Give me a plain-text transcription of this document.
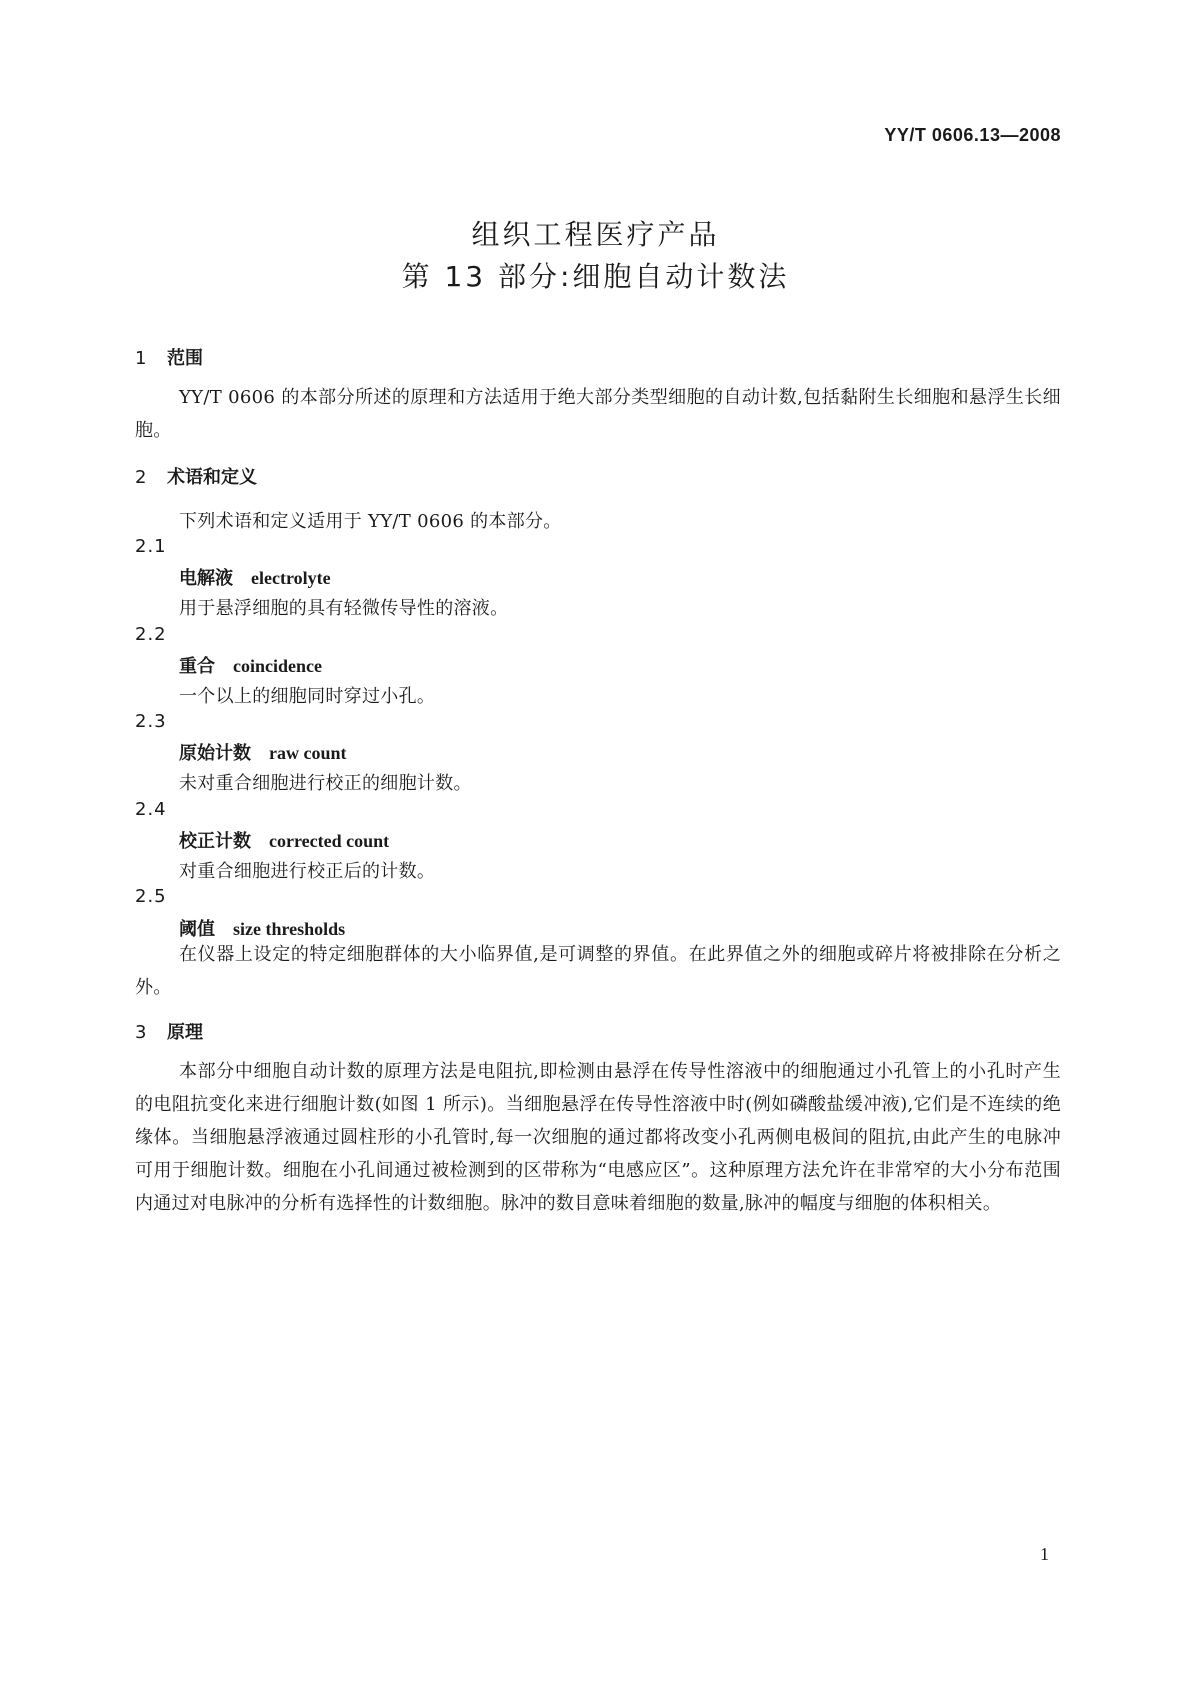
YY/T 0606.13—2008
组织工程医疗产品
第 13 部分:细胞自动计数法
1 范围
YY/T 0606 的本部分所述的原理和方法适用于绝大部分类型细胞的自动计数,包括黏附生长细胞和悬浮生长细胞。
2 术语和定义
下列术语和定义适用于 YY/T 0606 的本部分。
2.1
电解液 electrolyte
用于悬浮细胞的具有轻微传导性的溶液。
2.2
重合 coincidence
一个以上的细胞同时穿过小孔。
2.3
原始计数 raw count
未对重合细胞进行校正的细胞计数。
2.4
校正计数 corrected count
对重合细胞进行校正后的计数。
2.5
阈值 size thresholds
在仪器上设定的特定细胞群体的大小临界值,是可调整的界值。在此界值之外的细胞或碎片将被排除在分析之外。
3 原理
本部分中细胞自动计数的原理方法是电阻抗,即检测由悬浮在传导性溶液中的细胞通过小孔管上的小孔时产生的电阻抗变化来进行细胞计数(如图 1 所示)。当细胞悬浮在传导性溶液中时(例如磷酸盐缓冲液),它们是不连续的绝缘体。当细胞悬浮液通过圆柱形的小孔管时,每一次细胞的通过都将改变小孔两侧电极间的阻抗,由此产生的电脉冲可用于细胞计数。细胞在小孔间通过被检测到的区带称为“电感应区”。这种原理方法允许在非常窄的大小分布范围内通过对电脉冲的分析有选择性的计数细胞。脉冲的数目意味着细胞的数量,脉冲的幅度与细胞的体积相关。
1
